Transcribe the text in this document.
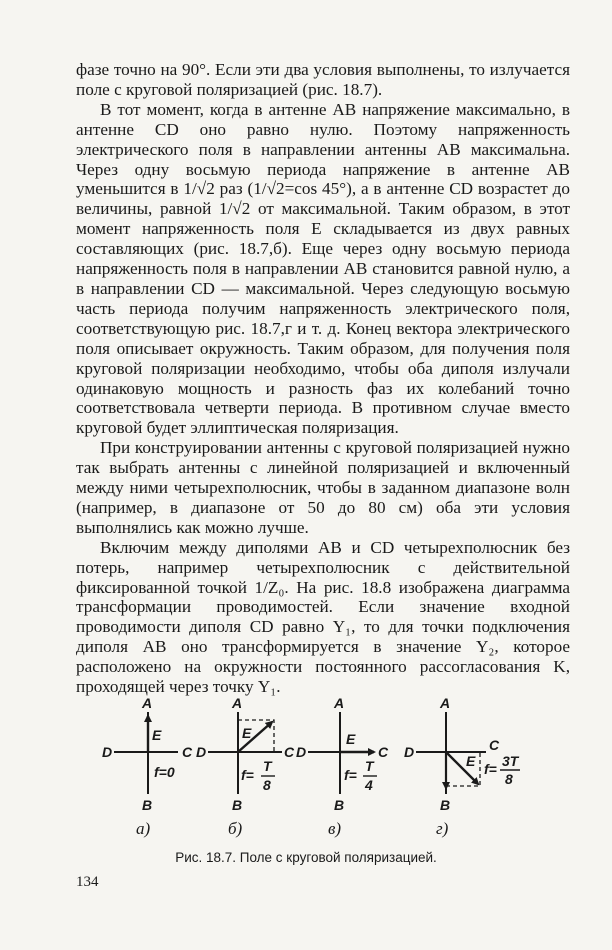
фазе точно на 90°. Если эти два условия выполнены, то излучается поле с круговой поляризацией (рис. 18.7).

В тот момент, когда в антенне AB напряжение максимально, в антенне CD оно равно нулю. Поэтому напряженность электрического поля в направлении антенны AB максимальна. Через одну восьмую периода напряжение в антенне AB уменьшится в 1/√2 раз (1/√2=cos 45°), а в антенне CD возрастет до величины, равной 1/√2 от максимальной. Таким образом, в этот момент напряженность поля E складывается из двух равных составляющих (рис. 18.7,б). Еще через одну восьмую периода напряженность поля в направлении AB становится равной нулю, а в направлении CD — максимальной. Через следующую восьмую часть периода получим напряженность электрического поля, соответствующую рис. 18.7,г и т. д. Конец вектора электрического поля описывает окружность. Таким образом, для получения поля круговой поляризации необходимо, чтобы оба диполя излучали одинаковую мощность и разность фаз их колебаний точно соответствовала четверти периода. В противном случае вместо круговой будет эллиптическая поляризация.

При конструировании антенны с круговой поляризацией нужно так выбрать антенны с линейной поляризацией и включенный между ними четырехполюсник, чтобы в заданном диапазоне волн (например, в диапазоне от 50 до 80 см) оба эти условия выполнялись как можно лучше.

Включим между диполями AB и CD четырехполюсник без потерь, например четырехполюсник с действительной фиксированной точкой 1/Z₀. На рис. 18.8 изображена диаграмма трансформации проводимостей. Если значение входной проводимости диполя CD равно Y₁, то для точки подключения диполя AB оно трансформируется в значение Y₂, которое расположено на окружности постоянного рассогласования K, проходящей через точку Y₁.

A
B
C
D
E
f=0
а)
A
B
C
D
E
f=
T
8
б)
A
B
C
D
E
f=
T
4
в)
A
B
C
D
E f= 3T
8
г)
Рис. 18.7. Поле с круговой поляризацией.
134
